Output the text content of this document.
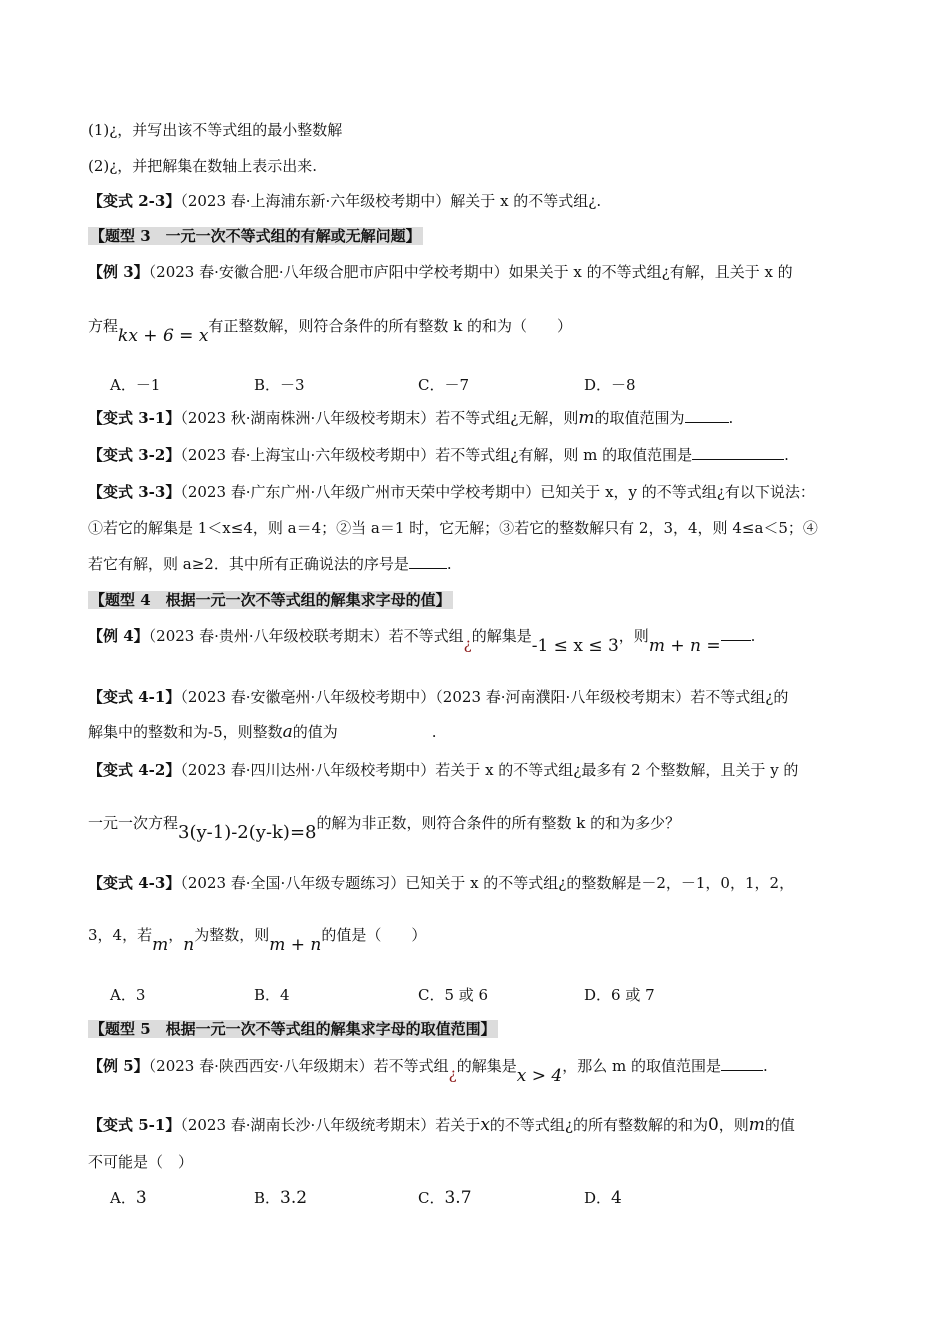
(1)¿，并写出该不等式组的最小整数解
(2)¿，并把解集在数轴上表示出来.
【变式 2-3】（2023 春·上海浦东新·六年级校考期中）解关于 x 的不等式组¿.
【题型 3　一元一次不等式组的有解或无解问题】
【例 3】（2023 春·安徽合肥·八年级合肥市庐阳中学校考期中）如果关于 x 的不等式组¿有解，且关于 x 的
方程kx + 6 = x有正整数解，则符合条件的所有整数 k 的和为（　　）
A．－1	B．－3	C．－7	D．－8
【变式 3-1】（2023 秋·湖南株洲·八年级校考期末）若不等式组¿无解，则m的取值范围为	.
【变式 3-2】（2023 春·上海宝山·六年级校考期中）若不等式组¿有解，则 m 的取值范围是	.
【变式 3-3】（2023 春·广东广州·八年级广州市天荣中学校考期中）已知关于 x，y 的不等式组¿有以下说法：
①若它的解集是 1＜x≤4，则 a＝4；②当 a＝1 时，它无解；③若它的整数解只有 2，3，4，则 4≤a＜5；④
若它有解，则 a≥2．其中所有正确说法的序号是	.
【题型 4　根据一元一次不等式组的解集求字母的值】
【例 4】（2023 春·贵州·八年级校联考期末）若不等式组¿的解集是-1 ≤ x ≤ 3，则m + n = .
【变式 4-1】（2023 春·安徽亳州·八年级校考期中）（2023 春·河南濮阳·八年级校考期末）若不等式组¿的
解集中的整数和为-5，则整数a的值为	.
【变式 4-2】（2023 春·四川达州·八年级校考期中）若关于 x 的不等式组¿最多有 2 个整数解，且关于 y 的
一元一次方程3(y-1)-2(y-k)=8的解为非正数，则符合条件的所有整数 k 的和为多少？
【变式 4-3】（2023 春·全国·八年级专题练习）已知关于 x 的不等式组¿的整数解是－2，－1，0，1，2，
3，4，若m，n为整数，则m + n的值是（　　）
A．3	B．4	C．5 或 6	D．6 或 7
【题型 5　根据一元一次不等式组的解集求字母的取值范围】
【例 5】（2023 春·陕西西安·八年级期末）若不等式组¿的解集是x > 4，那么 m 的取值范围是	.
【变式 5-1】（2023 春·湖南长沙·八年级统考期末）若关于x的不等式组¿的所有整数解的和为0，则m的值
不可能是（　）
A．3	B．3.2	C．3.7	D．4
